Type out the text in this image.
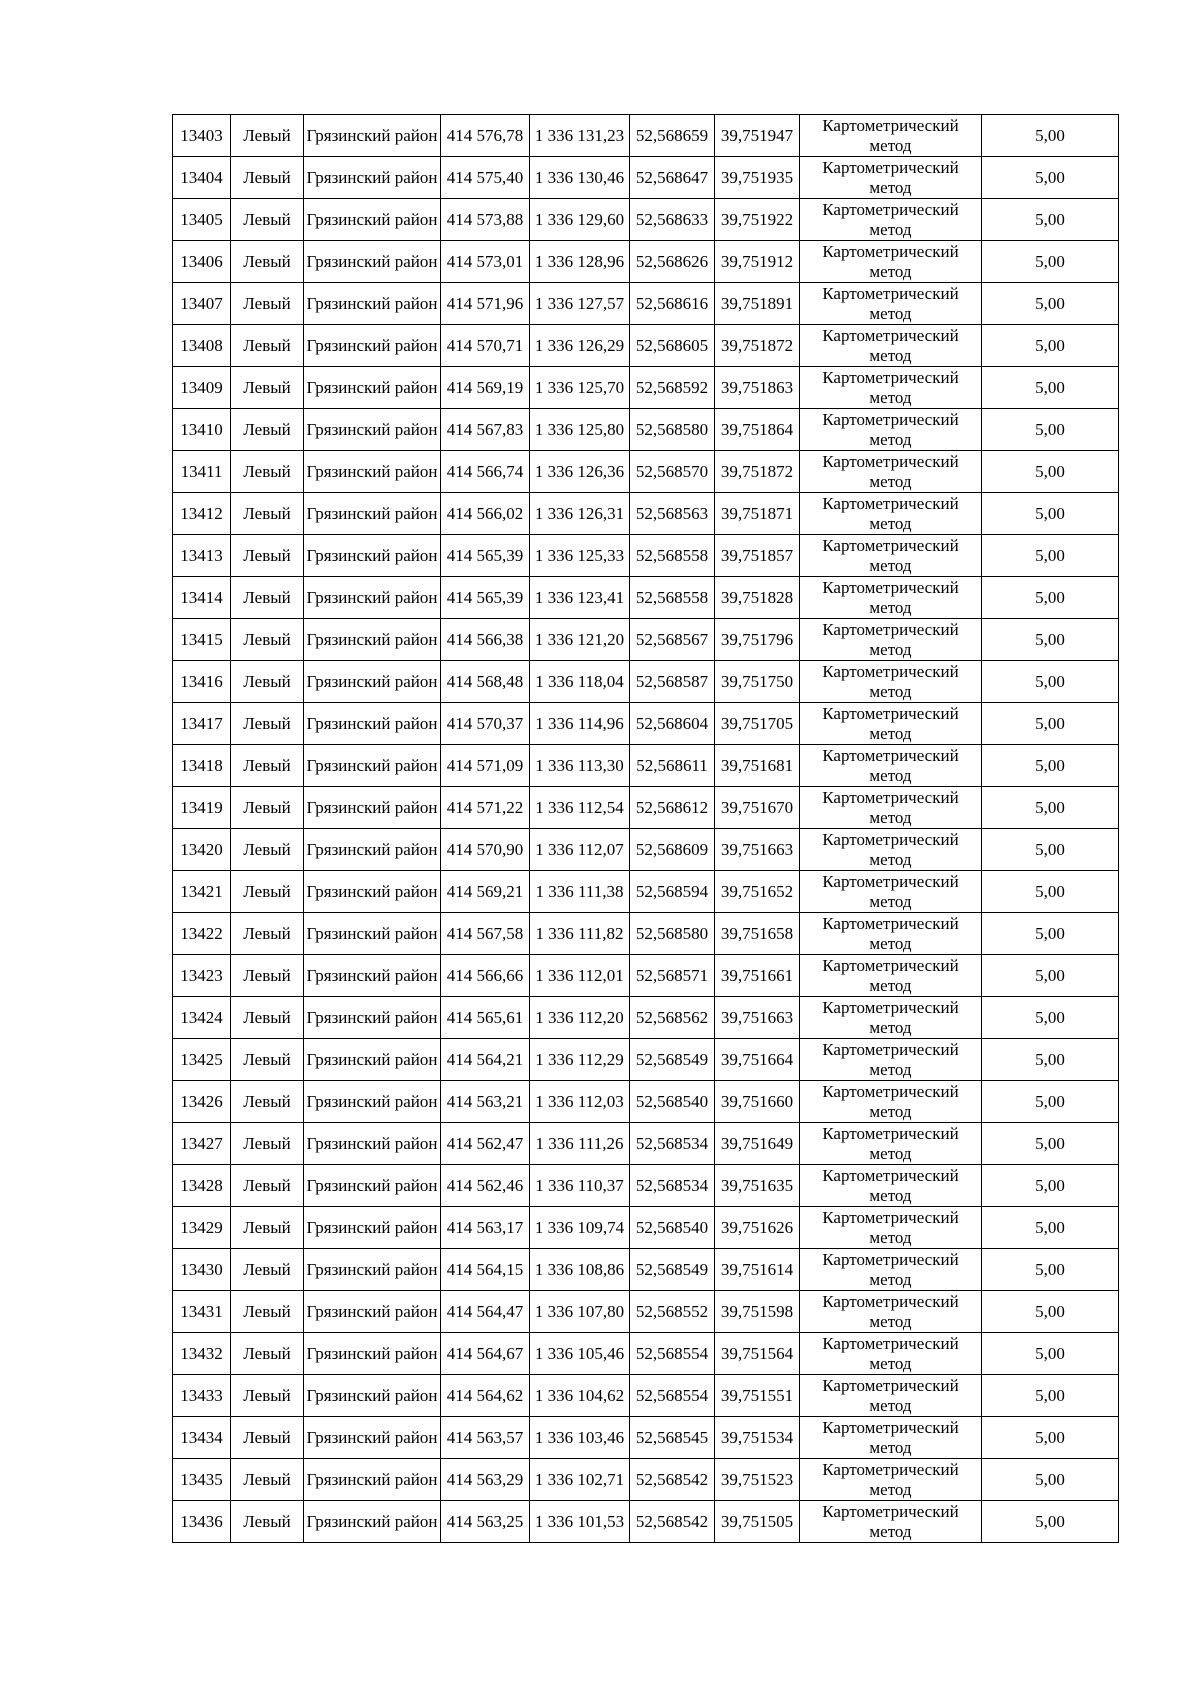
13403	Левый	Грязинский район	414 576,78	1 336 131,23	52,568659	39,751947	Картометрический метод	5,00
13404	Левый	Грязинский район	414 575,40	1 336 130,46	52,568647	39,751935	Картометрический метод	5,00
13405	Левый	Грязинский район	414 573,88	1 336 129,60	52,568633	39,751922	Картометрический метод	5,00
13406	Левый	Грязинский район	414 573,01	1 336 128,96	52,568626	39,751912	Картометрический метод	5,00
13407	Левый	Грязинский район	414 571,96	1 336 127,57	52,568616	39,751891	Картометрический метод	5,00
13408	Левый	Грязинский район	414 570,71	1 336 126,29	52,568605	39,751872	Картометрический метод	5,00
13409	Левый	Грязинский район	414 569,19	1 336 125,70	52,568592	39,751863	Картометрический метод	5,00
13410	Левый	Грязинский район	414 567,83	1 336 125,80	52,568580	39,751864	Картометрический метод	5,00
13411	Левый	Грязинский район	414 566,74	1 336 126,36	52,568570	39,751872	Картометрический метод	5,00
13412	Левый	Грязинский район	414 566,02	1 336 126,31	52,568563	39,751871	Картометрический метод	5,00
13413	Левый	Грязинский район	414 565,39	1 336 125,33	52,568558	39,751857	Картометрический метод	5,00
13414	Левый	Грязинский район	414 565,39	1 336 123,41	52,568558	39,751828	Картометрический метод	5,00
13415	Левый	Грязинский район	414 566,38	1 336 121,20	52,568567	39,751796	Картометрический метод	5,00
13416	Левый	Грязинский район	414 568,48	1 336 118,04	52,568587	39,751750	Картометрический метод	5,00
13417	Левый	Грязинский район	414 570,37	1 336 114,96	52,568604	39,751705	Картометрический метод	5,00
13418	Левый	Грязинский район	414 571,09	1 336 113,30	52,568611	39,751681	Картометрический метод	5,00
13419	Левый	Грязинский район	414 571,22	1 336 112,54	52,568612	39,751670	Картометрический метод	5,00
13420	Левый	Грязинский район	414 570,90	1 336 112,07	52,568609	39,751663	Картометрический метод	5,00
13421	Левый	Грязинский район	414 569,21	1 336 111,38	52,568594	39,751652	Картометрический метод	5,00
13422	Левый	Грязинский район	414 567,58	1 336 111,82	52,568580	39,751658	Картометрический метод	5,00
13423	Левый	Грязинский район	414 566,66	1 336 112,01	52,568571	39,751661	Картометрический метод	5,00
13424	Левый	Грязинский район	414 565,61	1 336 112,20	52,568562	39,751663	Картометрический метод	5,00
13425	Левый	Грязинский район	414 564,21	1 336 112,29	52,568549	39,751664	Картометрический метод	5,00
13426	Левый	Грязинский район	414 563,21	1 336 112,03	52,568540	39,751660	Картометрический метод	5,00
13427	Левый	Грязинский район	414 562,47	1 336 111,26	52,568534	39,751649	Картометрический метод	5,00
13428	Левый	Грязинский район	414 562,46	1 336 110,37	52,568534	39,751635	Картометрический метод	5,00
13429	Левый	Грязинский район	414 563,17	1 336 109,74	52,568540	39,751626	Картометрический метод	5,00
13430	Левый	Грязинский район	414 564,15	1 336 108,86	52,568549	39,751614	Картометрический метод	5,00
13431	Левый	Грязинский район	414 564,47	1 336 107,80	52,568552	39,751598	Картометрический метод	5,00
13432	Левый	Грязинский район	414 564,67	1 336 105,46	52,568554	39,751564	Картометрический метод	5,00
13433	Левый	Грязинский район	414 564,62	1 336 104,62	52,568554	39,751551	Картометрический метод	5,00
13434	Левый	Грязинский район	414 563,57	1 336 103,46	52,568545	39,751534	Картометрический метод	5,00
13435	Левый	Грязинский район	414 563,29	1 336 102,71	52,568542	39,751523	Картометрический метод	5,00
13436	Левый	Грязинский район	414 563,25	1 336 101,53	52,568542	39,751505	Картометрический метод	5,00
